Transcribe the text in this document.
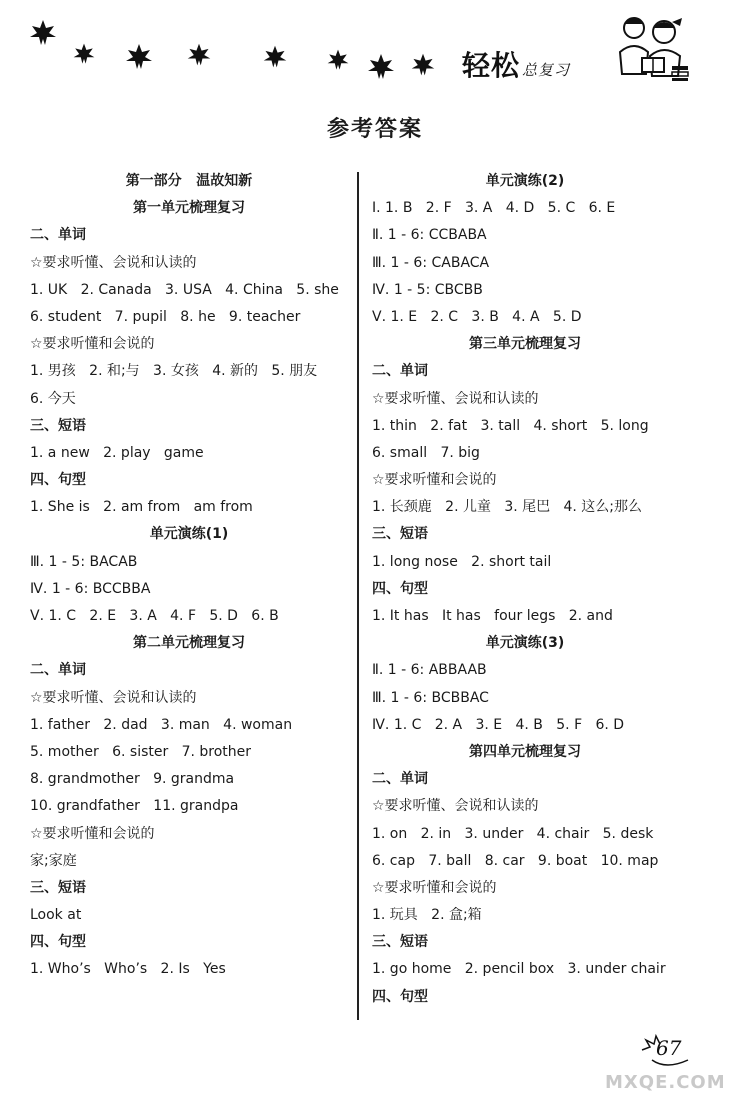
轻松 总复习
参考答案
第一部分   温故知新
第一单元梳理复习
二、单词
☆要求听懂、会说和认读的
1. UK   2. Canada   3. USA   4. China   5. she
6. student   7. pupil   8. he   9. teacher
☆要求听懂和会说的
1. 男孩   2. 和;与   3. 女孩   4. 新的   5. 朋友
6. 今天
三、短语
1. a new   2. play   game
四、句型
1. She is   2. am from   am from
单元演练(1)
Ⅲ. 1 - 5: BACAB
Ⅳ. 1 - 6: BCCBBA
Ⅴ. 1. C   2. E   3. A   4. F   5. D   6. B
第二单元梳理复习
二、单词
☆要求听懂、会说和认读的
1. father   2. dad   3. man   4. woman
5. mother   6. sister   7. brother
8. grandmother   9. grandma
10. grandfather   11. grandpa
☆要求听懂和会说的
家;家庭
三、短语
Look at
四、句型
1. Who’s   Who’s   2. Is   Yes
单元演练(2)
Ⅰ. 1. B   2. F   3. A   4. D   5. C   6. E
Ⅱ. 1 - 6: CCBABA
Ⅲ. 1 - 6: CABACA
Ⅳ. 1 - 5: CBCBB
Ⅴ. 1. E   2. C   3. B   4. A   5. D
第三单元梳理复习
二、单词
☆要求听懂、会说和认读的
1. thin   2. fat   3. tall   4. short   5. long
6. small   7. big
☆要求听懂和会说的
1. 长颈鹿   2. 儿童   3. 尾巴   4. 这么;那么
三、短语
1. long nose   2. short tail
四、句型
1. It has   It has   four legs   2. and
单元演练(3)
Ⅱ. 1 - 6: ABBAAB
Ⅲ. 1 - 6: BCBBAC
Ⅳ. 1. C   2. A   3. E   4. B   5. F   6. D
第四单元梳理复习
二、单词
☆要求听懂、会说和认读的
1. on   2. in   3. under   4. chair   5. desk
6. cap   7. ball   8. car   9. boat   10. map
☆要求听懂和会说的
1. 玩具   2. 盒;箱
三、短语
1. go home   2. pencil box   3. under chair
四、句型
67
MXQE.COM
